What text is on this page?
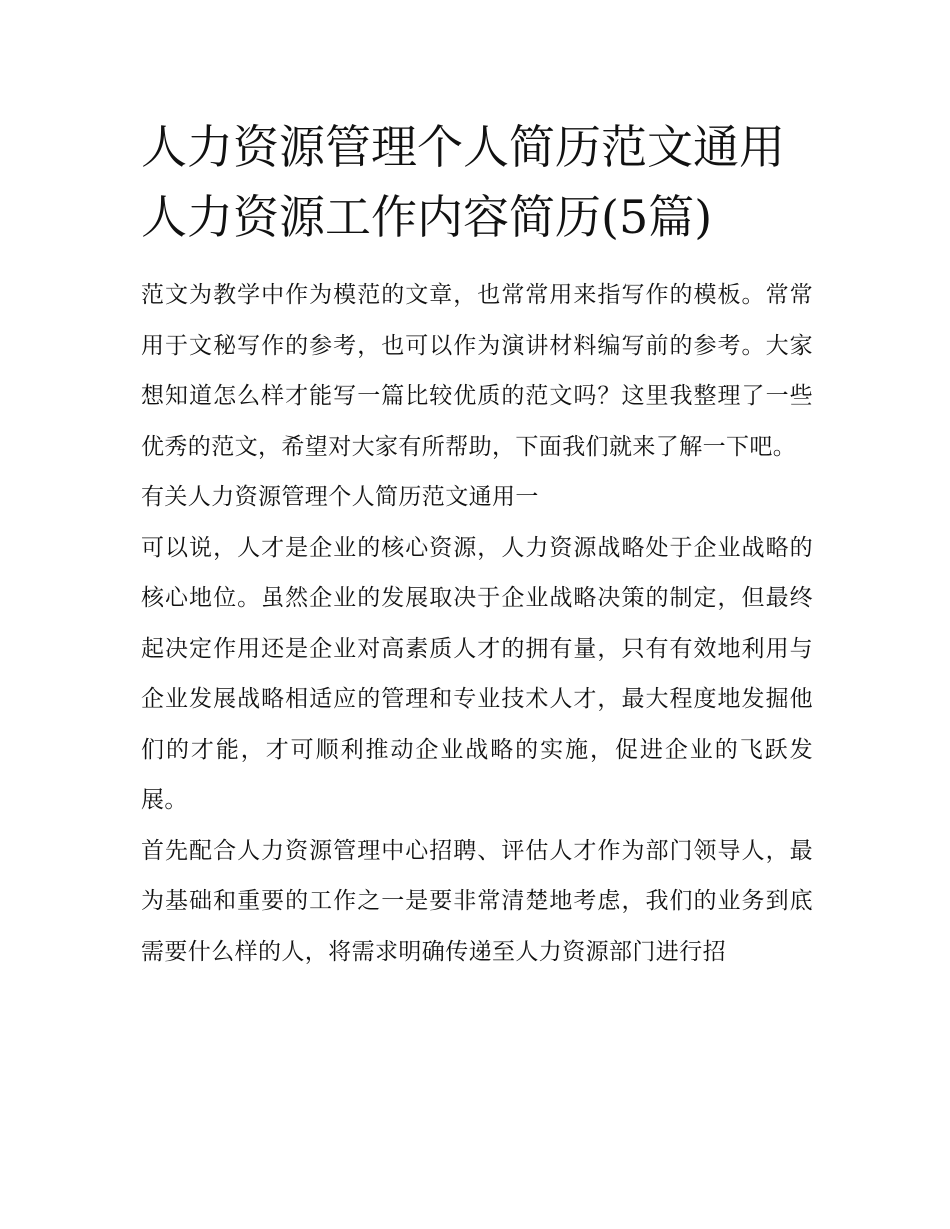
人力资源管理个人简历范文通用 人力资源工作内容简历(5篇)

范文为教学中作为模范的文章，也常常用来指写作的模板。常常用于文秘写作的参考，也可以作为演讲材料编写前的参考。大家想知道怎么样才能写一篇比较优质的范文吗？这里我整理了一些优秀的范文，希望对大家有所帮助，下面我们就来了解一下吧。

有关人力资源管理个人简历范文通用一

可以说，人才是企业的核心资源，人力资源战略处于企业战略的核心地位。虽然企业的发展取决于企业战略决策的制定，但最终起决定作用还是企业对高素质人才的拥有量，只有有效地利用与企业发展战略相适应的管理和专业技术人才，最大程度地发掘他们的才能，才可顺利推动企业战略的实施，促进企业的飞跃发展。

首先配合人力资源管理中心招聘、评估人才作为部门领导人，最为基础和重要的工作之一是要非常清楚地考虑，我们的业务到底需要什么样的人，将需求明确传递至人力资源部门进行招
